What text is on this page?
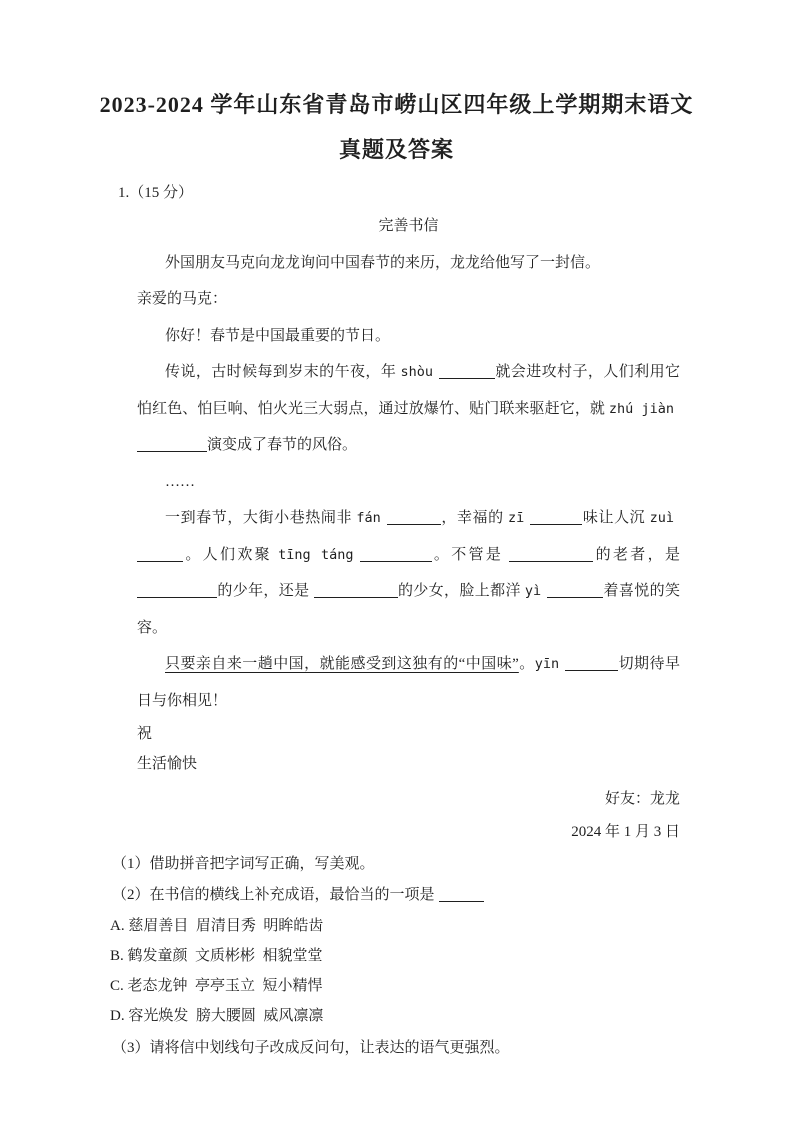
2023-2024 学年山东省青岛市崂山区四年级上学期期末语文
真题及答案
1.（15 分）
完善书信
外国朋友马克向龙龙询问中国春节的来历，龙龙给他写了一封信。
亲爱的马克：
你好！春节是中国最重要的节日。
传说，古时候每到岁末的午夜，年 shòu	就会进攻村子，人们利用它怕红色、怕巨响、怕火光三大弱点，通过放爆竹、贴门联来驱赶它，就 zhú jiàn演变成了春节的风俗。
……
一到春节，大街小巷热闹非 fán	，幸福的 zī	味让人沉 zuì。人们欢聚 tīng táng	。不管是	的老者，是 的少年，还是	的少女，脸上都洋 yì	着喜悦的笑容。
只要亲自来一趟中国，就能感受到这独有的“中国味”。yīn	切期待早日与你相见！
祝
生活愉快
好友：龙龙
2024 年 1 月 3 日
（1）借助拼音把字词写正确，写美观。
（2）在书信的横线上补充成语，最恰当的一项是
A. 慈眉善目  眉清目秀  明眸皓齿
B. 鹤发童颜  文质彬彬  相貌堂堂
C. 老态龙钟  亭亭玉立  短小精悍
D. 容光焕发  膀大腰圆  威风凛凛
（3）请将信中划线句子改成反问句，让表达的语气更强烈。
